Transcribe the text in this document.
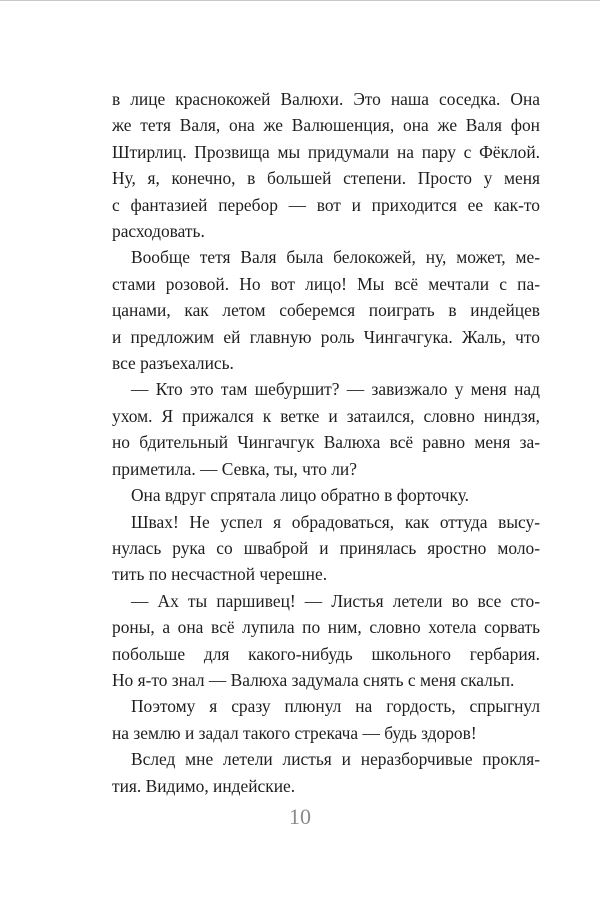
в лице краснокожей Валюхи. Это наша соседка. Она
же тетя Валя, она же Валюшенция, она же Валя фон
Штирлиц. Прозвища мы придумали на пару с Фёклой.
Ну, я, конечно, в большей степени. Просто у меня
с фантазией перебор — вот и приходится ее как-то
расходовать.
Вообще тетя Валя была белокожей, ну, может, ме-
стами розовой. Но вот лицо! Мы всё мечтали с па-
цанами, как летом соберемся поиграть в индейцев
и предложим ей главную роль Чингачгука. Жаль, что
все разъехались.
— Кто это там шебуршит? — завизжало у меня над
ухом. Я прижался к ветке и затаился, словно ниндзя,
но бдительный Чингачгук Валюха всё равно меня за-
приметила. — Севка, ты, что ли?
Она вдруг спрятала лицо обратно в форточку.
Швах! Не успел я обрадоваться, как оттуда высу-
нулась рука со шваброй и принялась яростно моло-
тить по несчастной черешне.
— Ах ты паршивец! — Листья летели во все сто-
роны, а она всё лупила по ним, словно хотела сорвать
побольше для какого-нибудь школьного гербария.
Но я-то знал — Валюха задумала снять с меня скальп.
Поэтому я сразу плюнул на гордость, спрыгнул
на землю и задал такого стрекача — будь здоров!
Вслед мне летели листья и неразборчивые прокля-
тия. Видимо, индейские.
10
